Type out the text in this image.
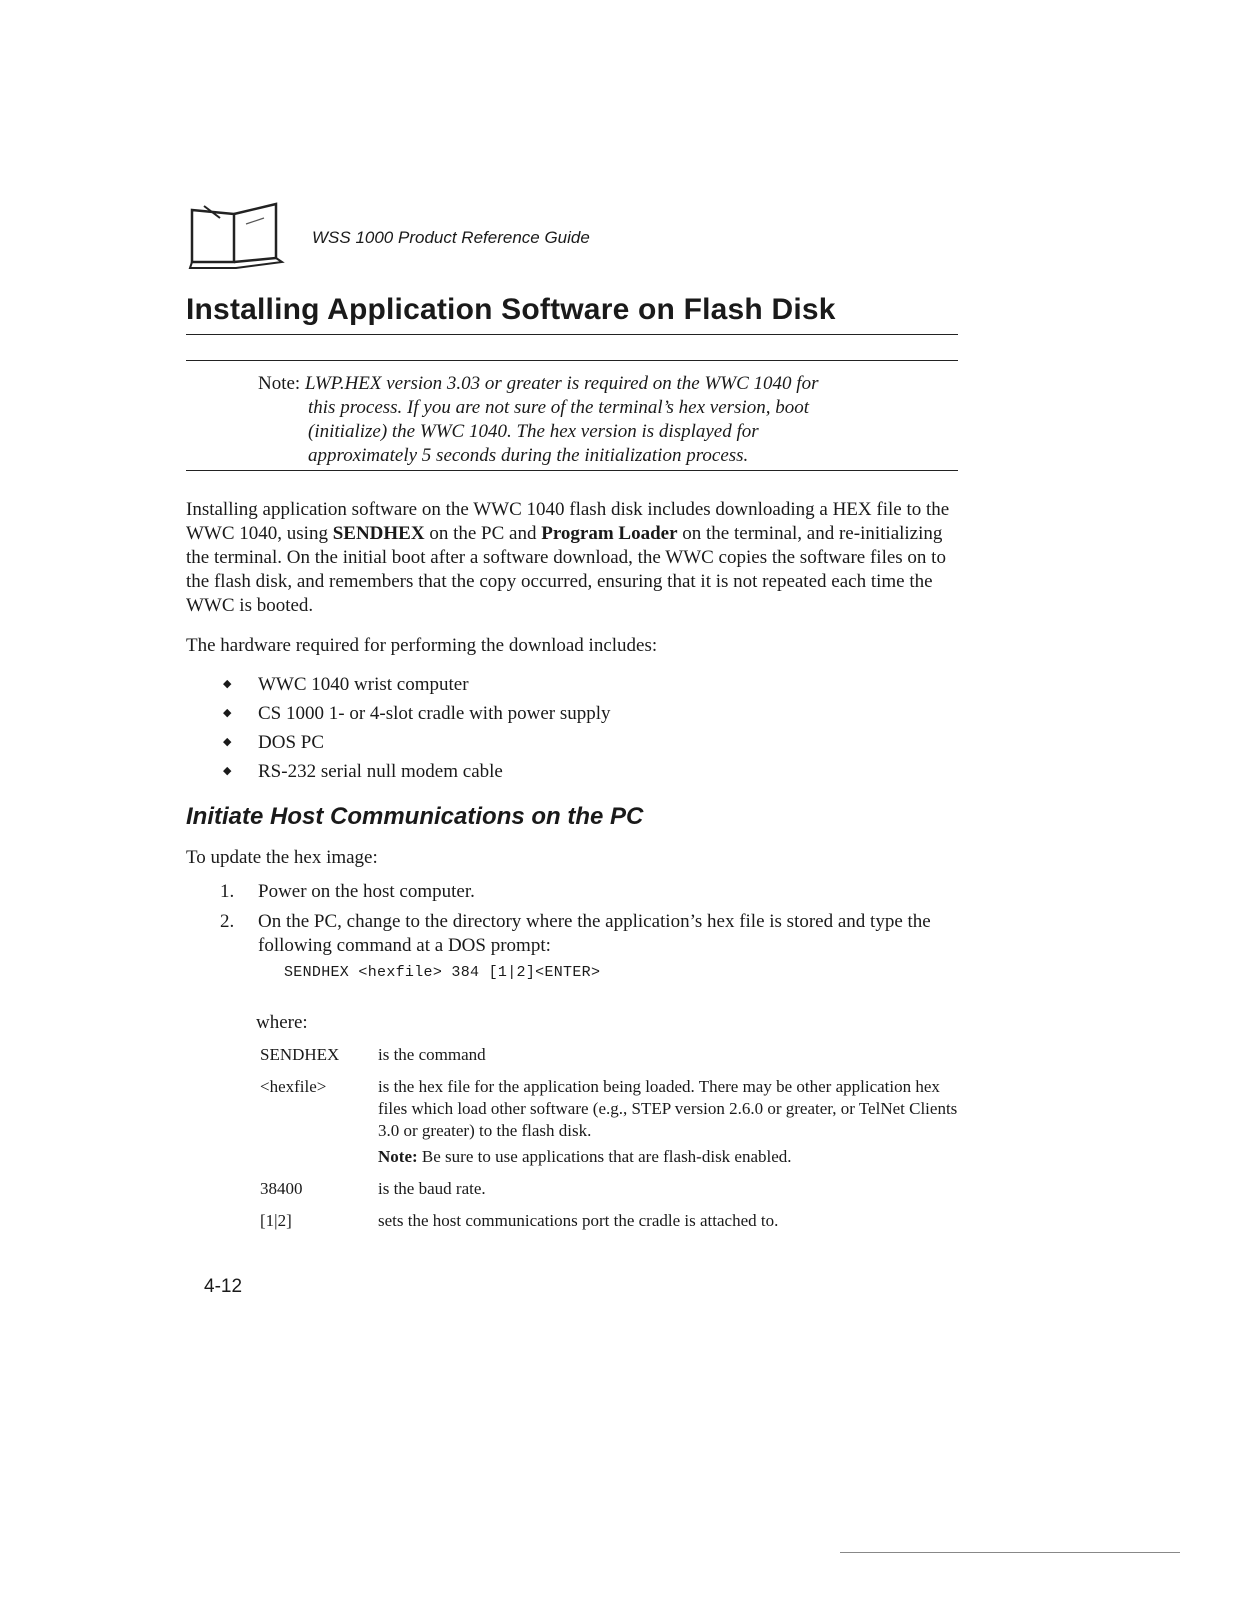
WSS 1000 Product Reference Guide
Installing Application Software on Flash Disk
Note: LWP.HEX version 3.03 or greater is required on the WWC 1040 for
this process. If you are not sure of the terminal’s hex version, boot
(initialize) the WWC 1040. The hex version is displayed for
approximately 5 seconds during the initialization process.
Installing application software on the WWC 1040 flash disk includes downloading a HEX file to the WWC 1040, using SENDHEX on the PC and Program Loader on the terminal, and re-initializing the terminal. On the initial boot after a software download, the WWC copies the software files on to the flash disk, and remembers that the copy occurred, ensuring that it is not repeated each time the WWC is booted.
The hardware required for performing the download includes:
◆ WWC 1040 wrist computer
◆ CS 1000 1- or 4-slot cradle with power supply
◆ DOS PC
◆ RS-232 serial null modem cable
Initiate Host Communications on the PC
To update the hex image:
1. Power on the host computer.
2. On the PC, change to the directory where the application’s hex file is stored and type the following command at a DOS prompt:
SENDHEX <hexfile> 384 [1|2]<ENTER>
where:
SENDHEX	is the command
<hexfile>	is the hex file for the application being loaded. There may be other application hex files which load other software (e.g., STEP version 2.6.0 or greater, or TelNet Clients 3.0 or greater) to the flash disk.
Note: Be sure to use applications that are flash-disk enabled.
38400	is the baud rate.
[1|2]	sets the host communications port the cradle is attached to.
4-12
